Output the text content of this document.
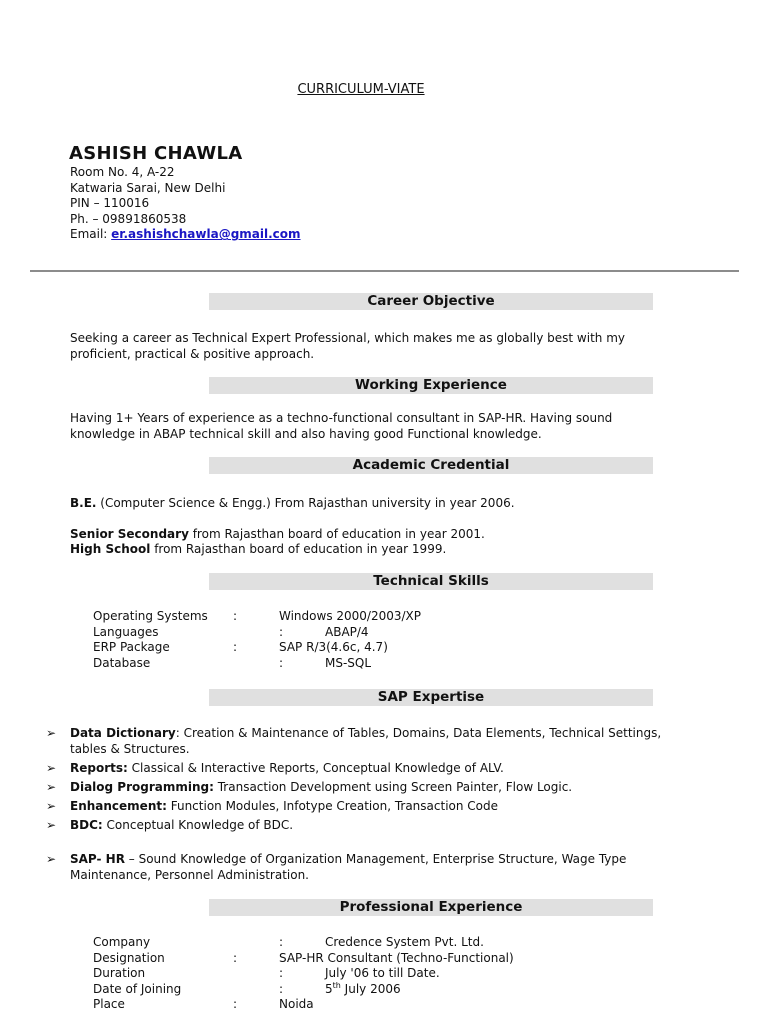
CURRICULUM-VIATE
ASHISH CHAWLA
Room No. 4, A-22
Katwaria Sarai, New Delhi
PIN – 110016
Ph. – 09891860538
Email: er.ashishchawla@gmail.com
Career Objective
Seeking a career as Technical Expert Professional, which makes me as globally best with my proficient, practical & positive approach.
Working Experience
Having 1+ Years of experience as a techno-functional consultant in SAP-HR. Having sound knowledge in ABAP technical skill and also having good Functional knowledge.
Academic Credential
B.E. (Computer Science & Engg.) From Rajasthan university in year 2006.
Senior Secondary from Rajasthan board of education in year 2001.
High School from Rajasthan board of education in year 1999.
Technical Skills
Operating Systems :	Windows 2000/2003/XP
Languages	:	ABAP/4
ERP Package	:	SAP R/3(4.6c, 4.7)
Database	:	MS-SQL
SAP Expertise
➢ Data Dictionary: Creation & Maintenance of Tables, Domains, Data Elements, Technical Settings, tables & Structures.
➢ Reports: Classical & Interactive Reports, Conceptual Knowledge of ALV.
➢ Dialog Programming: Transaction Development using Screen Painter, Flow Logic.
➢ Enhancement: Function Modules, Infotype Creation, Transaction Code
➢ BDC: Conceptual Knowledge of BDC.
➢ SAP- HR – Sound Knowledge of Organization Management, Enterprise Structure, Wage Type Maintenance, Personnel Administration.
Professional Experience
Company	:	Credence System Pvt. Ltd.
Designation	:	SAP-HR Consultant (Techno-Functional)
Duration	:	July '06 to till Date.
Date of Joining	:	5th July 2006
Place	:	Noida
